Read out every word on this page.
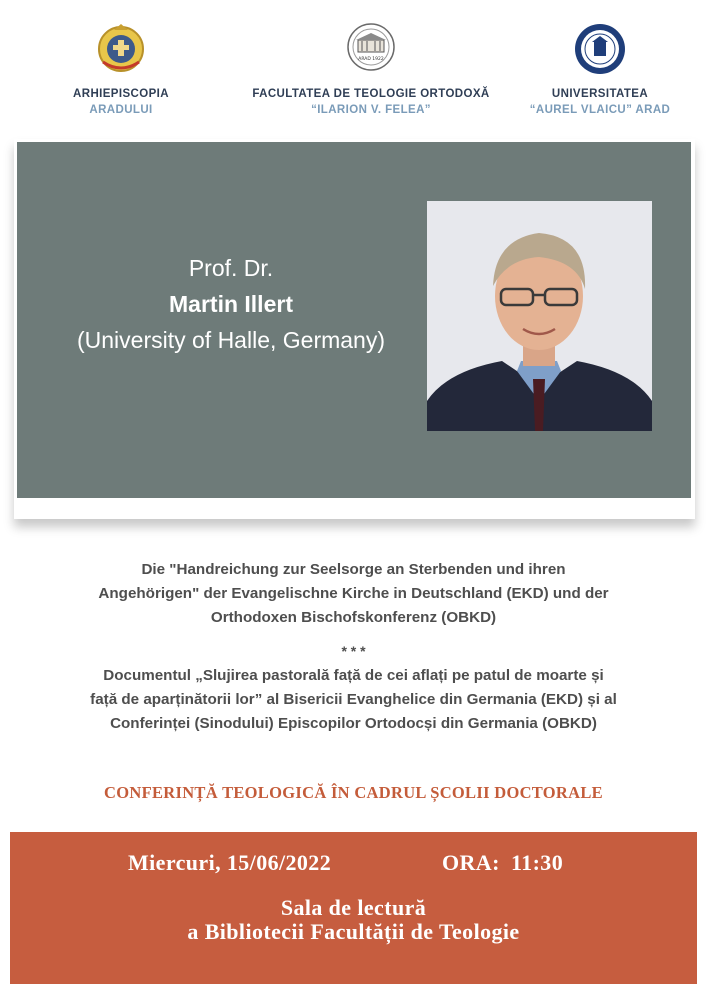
ARHIEPISCOPIA
ARADULUI
ARAD 1922
FACULTATEA DE TEOLOGIE ORTODOXĂ
“ILARION V. FELEA”
UNIVERSITATEA
“AUREL VLAICU” ARAD
Prof. Dr.
Martin Illert
(University of Halle, Germany)
Die "Handreichung zur Seelsorge an Sterbenden und ihren
Angehörigen" der Evangelischne Kirche in Deutschland (EKD) und der
Orthodoxen Bischofskonferenz (OBKD)
* * *
Documentul „Slujirea pastorală față de cei aflați pe patul de moarte și
față de aparținătorii lor” al Bisericii Evanghelice din Germania (EKD) și al
Conferinței (Sinodului) Episcopilor Ortodocși din Germania (OBKD)
CONFERINȚĂ TEOLOGICĂ ÎN CADRUL ȘCOLII DOCTORALE
Miercuri, 15/06/2022	ORA: 11:30
Sala de lectură
a Bibliotecii Facultății de Teologie
